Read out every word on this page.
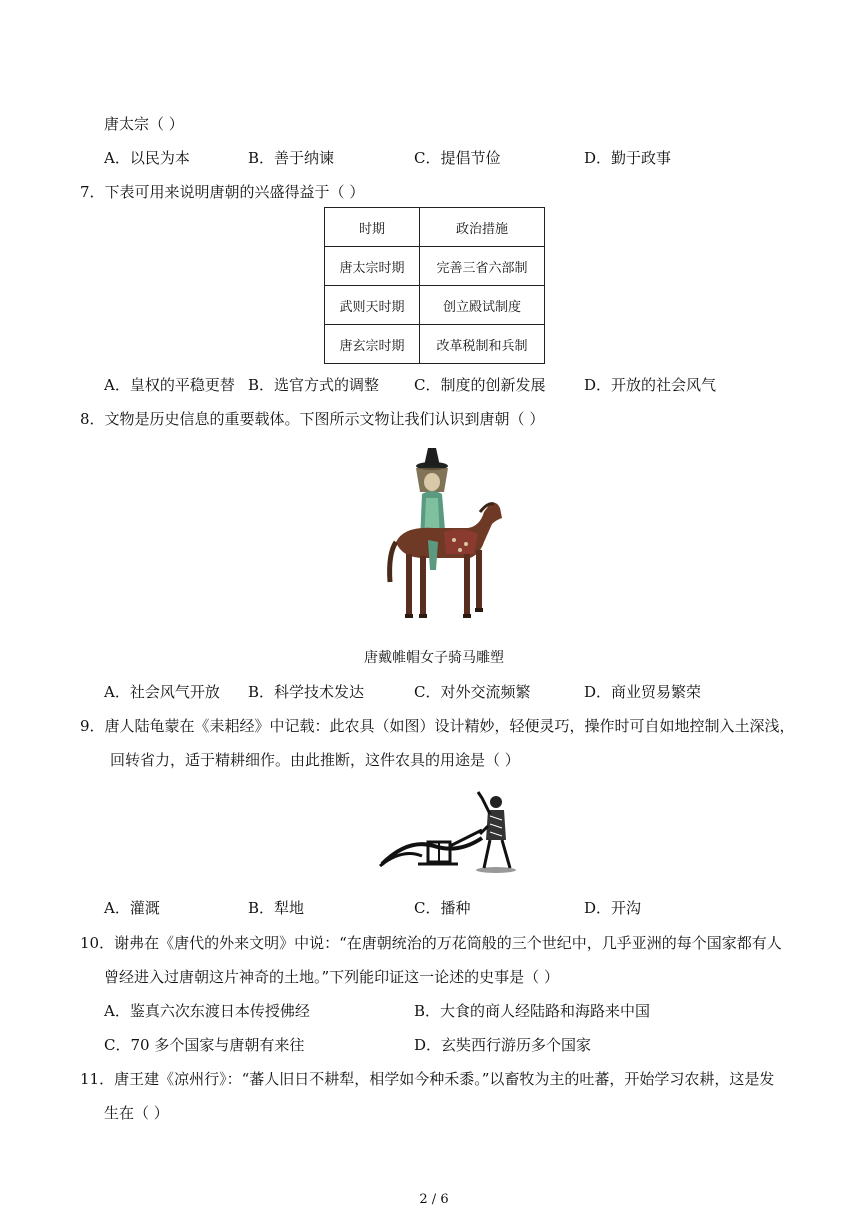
唐太宗（ ）
A．以民为本	B．善于纳谏	C．提倡节俭	D．勤于政事
7．下表可用来说明唐朝的兴盛得益于（ ）
时期	政治措施
唐太宗时期	完善三省六部制
武则天时期	创立殿试制度
唐玄宗时期	改革税制和兵制
A．皇权的平稳更替 B．选官方式的调整 C．制度的创新发展	D．开放的社会风气
8．文物是历史信息的重要载体。下图所示文物让我们认识到唐朝（ ）
唐戴帷帽女子骑马雕塑
A．社会风气开放 B．科学技术发达	C．对外交流频繁	D．商业贸易繁荣
9．唐人陆龟蒙在《耒耜经》中记载：此农具（如图）设计精妙，轻便灵巧，操作时可自如地控制入土深浅，
回转省力，适于精耕细作。由此推断，这件农具的用途是（ ）
A．灌溉	B．犁地	C．播种	D．开沟
10．谢弗在《唐代的外来文明》中说：“在唐朝统治的万花筒般的三个世纪中，几乎亚洲的每个国家都有人
曾经进入过唐朝这片神奇的土地。”下列能印证这一论述的史事是（ ）
A．鉴真六次东渡日本传授佛经	B．大食的商人经陆路和海路来中国
C．70 多个国家与唐朝有来往	D．玄奘西行游历多个国家
11．唐王建《凉州行》：“蕃人旧日不耕犁，相学如今种禾黍。”以畜牧为主的吐蕃，开始学习农耕，这是发
生在（ ）
2 / 6
